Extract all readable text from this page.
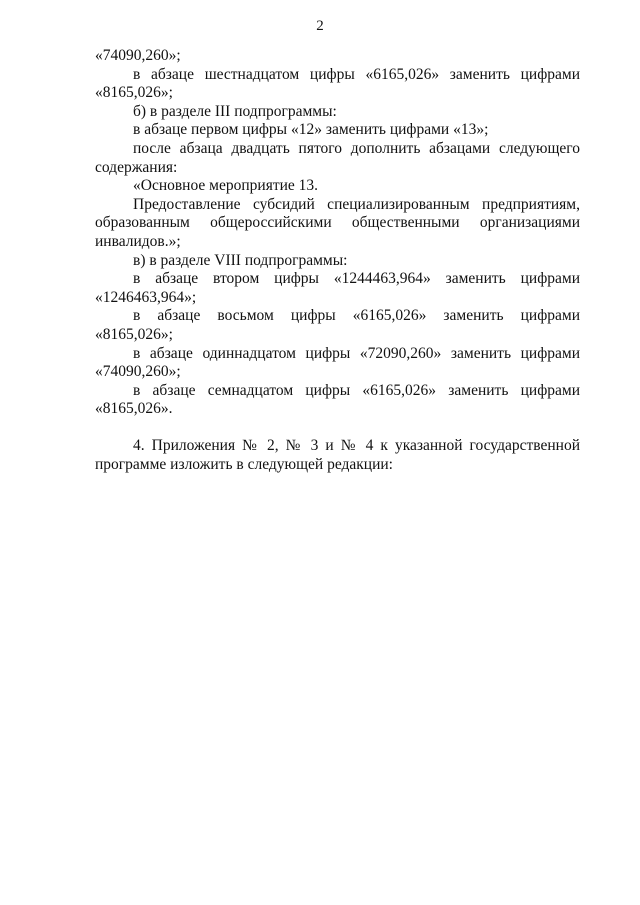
2

«74090,260»;

в абзаце шестнадцатом цифры «6165,026» заменить цифрами «8165,026»;

б) в разделе III подпрограммы:

в абзаце первом цифры «12» заменить цифрами «13»;

после абзаца двадцать пятого дополнить абзацами следующего содержания:

«Основное мероприятие 13.

Предоставление субсидий специализированным предприятиям, образованным общероссийскими общественными организациями инвалидов.»;

в) в разделе VIII подпрограммы:

в абзаце втором цифры «1244463,964» заменить цифрами «1246463,964»;

в абзаце восьмом цифры «6165,026» заменить цифрами «8165,026»;

в абзаце одиннадцатом цифры «72090,260» заменить цифрами «74090,260»;

в абзаце семнадцатом цифры «6165,026» заменить цифрами «8165,026».

4. Приложения № 2, № 3 и № 4 к указанной государственной программе изложить в следующей редакции:
